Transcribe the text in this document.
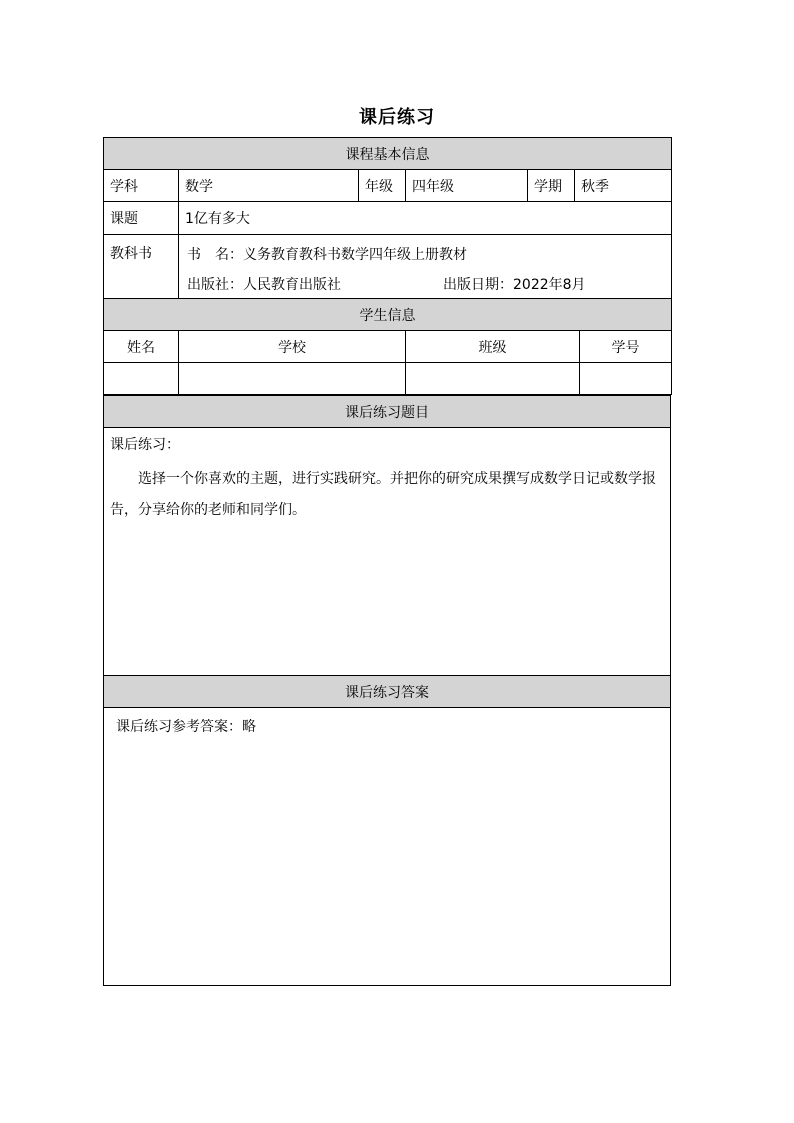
课后练习
课程基本信息					
学科	数学	年级	四年级	学期	秋季
课题	1亿有多大				
教科书	书　名：义务教育教科书数学四年级上册教材
出版社：人民教育出版社 出版日期：2022年8月				
学生信息			
姓名	学校	班级	学号

课后练习题目

课后练习：

选择一个你喜欢的主题，进行实践研究。并把你的研究成果撰写成数学日记或数学报告，分享给你的老师和同学们。

课后练习答案
课后练习参考答案：略
